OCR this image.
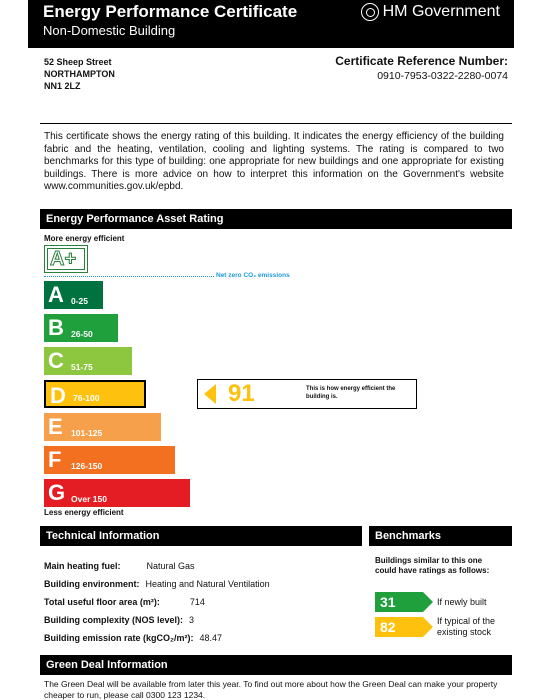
Energy Performance Certificate
Non-Domestic Building
HM Government
52 Sheep Street
NORTHAMPTON
NN1 2LZ
Certificate Reference Number:
0910-7953-0322-2280-0074
This certificate shows the energy rating of this building. It indicates the energy efficiency of the building fabric and the heating, ventilation, cooling and lighting systems. The rating is compared to two benchmarks for this type of building: one appropriate for new buildings and one appropriate for existing buildings. There is more advice on how to interpret this information on the Government's website www.communities.gov.uk/epbd.
Energy Performance Asset Rating
More energy efficient
A+
Net zero CO₂ emissions
A 0-25
B 26-50
C 51-75
D 76-100
E 101-125
F 126-150
G Over 150
91	This is how energy efficient the building is.
Less energy efficient
Technical Information	Benchmarks
Main heating fuel:	Natural Gas
Building environment: Heating and Natural Ventilation
Total useful floor area (m²):	714
Building complexity (NOS level): 3
Building emission rate (kgCO₂/m²): 48.47
Buildings similar to this one could have ratings as follows:
31	If newly built
82	If typical of the existing stock
Green Deal Information
The Green Deal will be available from later this year. To find out more about how the Green Deal can make your property cheaper to run, please call 0300 123 1234.
